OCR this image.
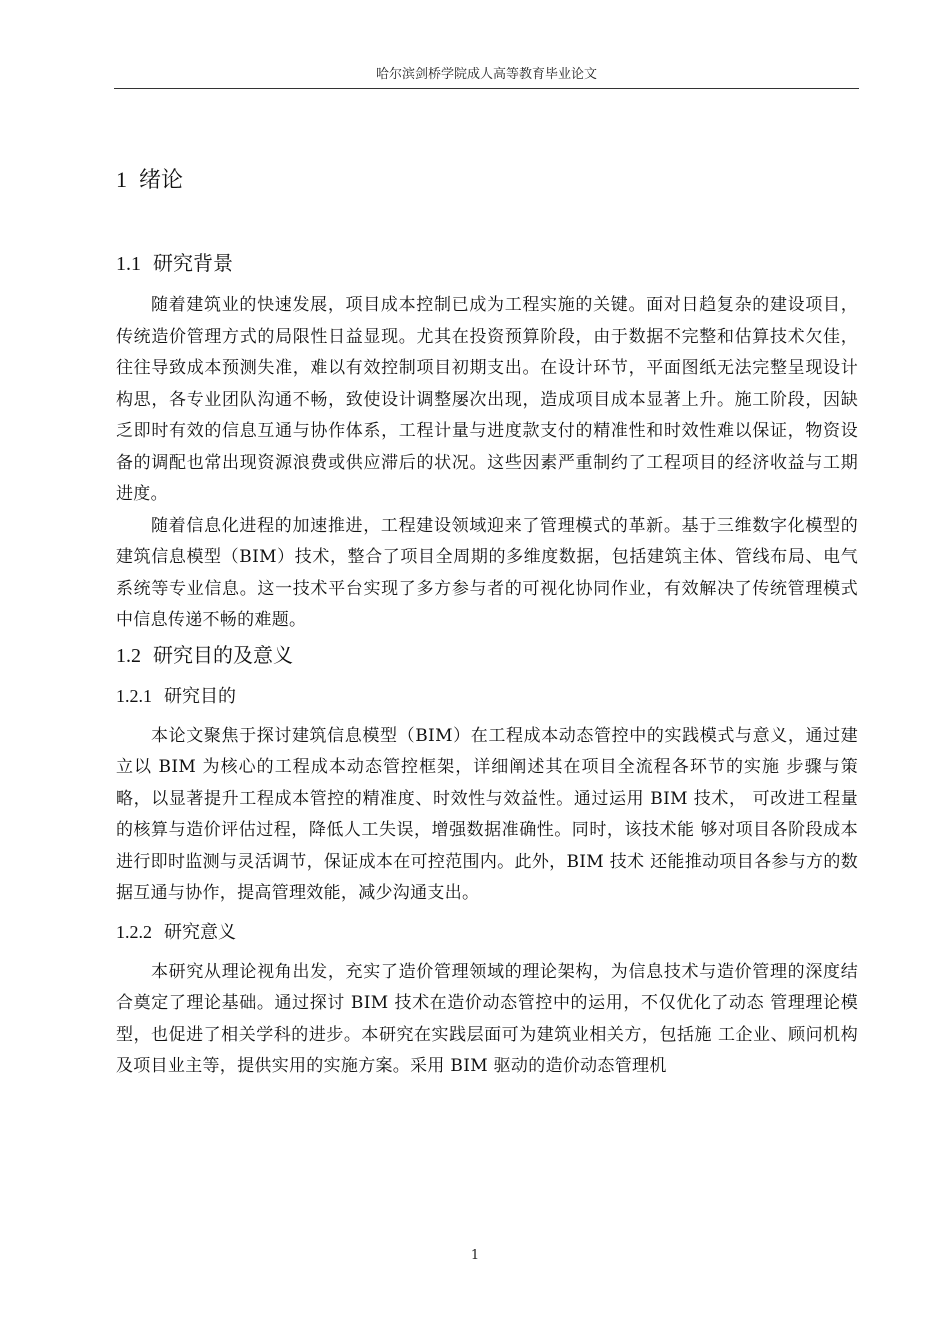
哈尔滨剑桥学院成人高等教育毕业论文
1 绪论
1.1 研究背景

随着建筑业的快速发展，项目成本控制已成为工程实施的关键。面对日趋复杂的建设项目，传统造价管理方式的局限性日益显现。尤其在投资预算阶段，由于数据不完整和估算技术欠佳，往往导致成本预测失准，难以有效控制项目初期支出。在设计环节，平面图纸无法完整呈现设计构思，各专业团队沟通不畅，致使设计调整屡次出现，造成项目成本显著上升。施工阶段，因缺乏即时有效的信息互通与协作体系，工程计量与进度款支付的精准性和时效性难以保证，物资设备的调配也常出现资源浪费或供应滞后的状况。这些因素严重制约了工程项目的经济收益与工期进度。

随着信息化进程的加速推进，工程建设领域迎来了管理模式的革新。基于三维数字化模型的建筑信息模型（BIM）技术，整合了项目全周期的多维度数据，包括建筑主体、管线布局、电气系统等专业信息。这一技术平台实现了多方参与者的可视化协同作业，有效解决了传统管理模式中信息传递不畅的难题。

1.2 研究目的及意义
1.2.1 研究目的

本论文聚焦于探讨建筑信息模型（BIM）在工程成本动态管控中的实践模式与意义，通过建立以 BIM 为核心的工程成本动态管控框架，详细阐述其在项目全流程各环节的实施 步骤与策略，以显著提升工程成本管控的精准度、时效性与效益性。通过运用 BIM 技术， 可改进工程量的核算与造价评估过程，降低人工失误，增强数据准确性。同时，该技术能 够对项目各阶段成本进行即时监测与灵活调节，保证成本在可控范围内。此外，BIM 技术 还能推动项目各参与方的数据互通与协作，提高管理效能，减少沟通支出。

1.2.2 研究意义

本研究从理论视角出发，充实了造价管理领域的理论架构，为信息技术与造价管理的深度结合奠定了理论基础。通过探讨 BIM 技术在造价动态管控中的运用，不仅优化了动态 管理理论模型，也促进了相关学科的进步。本研究在实践层面可为建筑业相关方，包括施 工企业、顾问机构及项目业主等，提供实用的实施方案。采用 BIM 驱动的造价动态管理机

1
